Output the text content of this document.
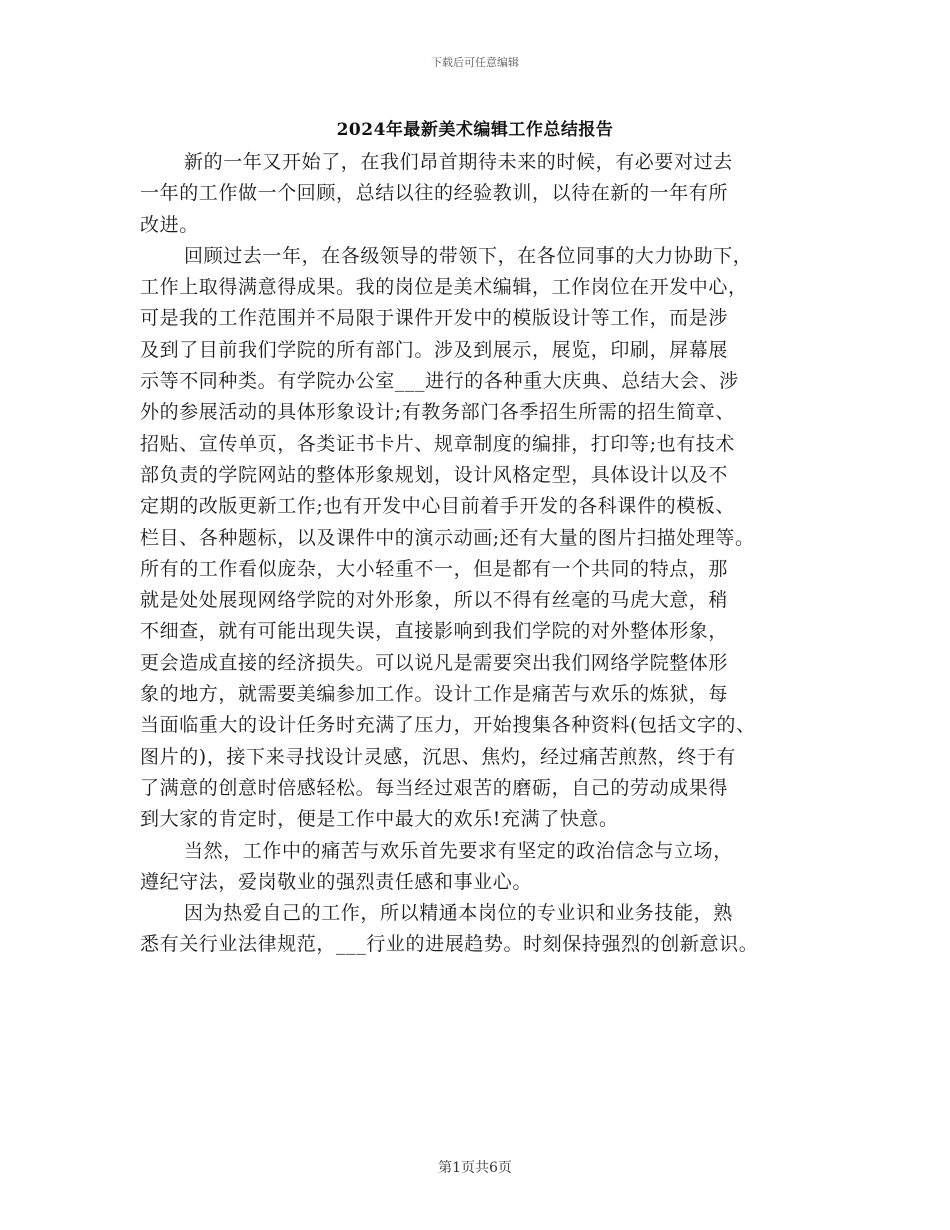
下载后可任意编辑
2024年最新美术编辑工作总结报告
新的一年又开始了，在我们昂首期待未来的时候，有必要对过去
一年的工作做一个回顾，总结以往的经验教训，以待在新的一年有所
改进。
回顾过去一年，在各级领导的带领下，在各位同事的大力协助下，
工作上取得满意得成果。我的岗位是美术编辑，工作岗位在开发中心，
可是我的工作范围并不局限于课件开发中的模版设计等工作，而是涉
及到了目前我们学院的所有部门。涉及到展示，展览，印刷，屏幕展
示等不同种类。有学院办公室___进行的各种重大庆典、总结大会、涉
外的参展活动的具体形象设计;有教务部门各季招生所需的招生简章、
招贴、宣传单页，各类证书卡片、规章制度的编排，打印等;也有技术
部负责的学院网站的整体形象规划，设计风格定型，具体设计以及不
定期的改版更新工作;也有开发中心目前着手开发的各科课件的模板、
栏目、各种题标，以及课件中的演示动画;还有大量的图片扫描处理等。
所有的工作看似庞杂，大小轻重不一，但是都有一个共同的特点，那
就是处处展现网络学院的对外形象，所以不得有丝毫的马虎大意，稍
不细查，就有可能出现失误，直接影响到我们学院的对外整体形象，
更会造成直接的经济损失。可以说凡是需要突出我们网络学院整体形
象的地方，就需要美编参加工作。设计工作是痛苦与欢乐的炼狱，每
当面临重大的设计任务时充满了压力，开始搜集各种资料(包括文字的、
图片的)，接下来寻找设计灵感，沉思、焦灼，经过痛苦煎熬，终于有
了满意的创意时倍感轻松。每当经过艰苦的磨砺，自己的劳动成果得
到大家的肯定时，便是工作中最大的欢乐!充满了快意。
当然，工作中的痛苦与欢乐首先要求有坚定的政治信念与立场，
遵纪守法，爱岗敬业的强烈责任感和事业心。
因为热爱自己的工作，所以精通本岗位的专业识和业务技能，熟
悉有关行业法律规范，___行业的进展趋势。时刻保持强烈的创新意识。
第1页共6页
